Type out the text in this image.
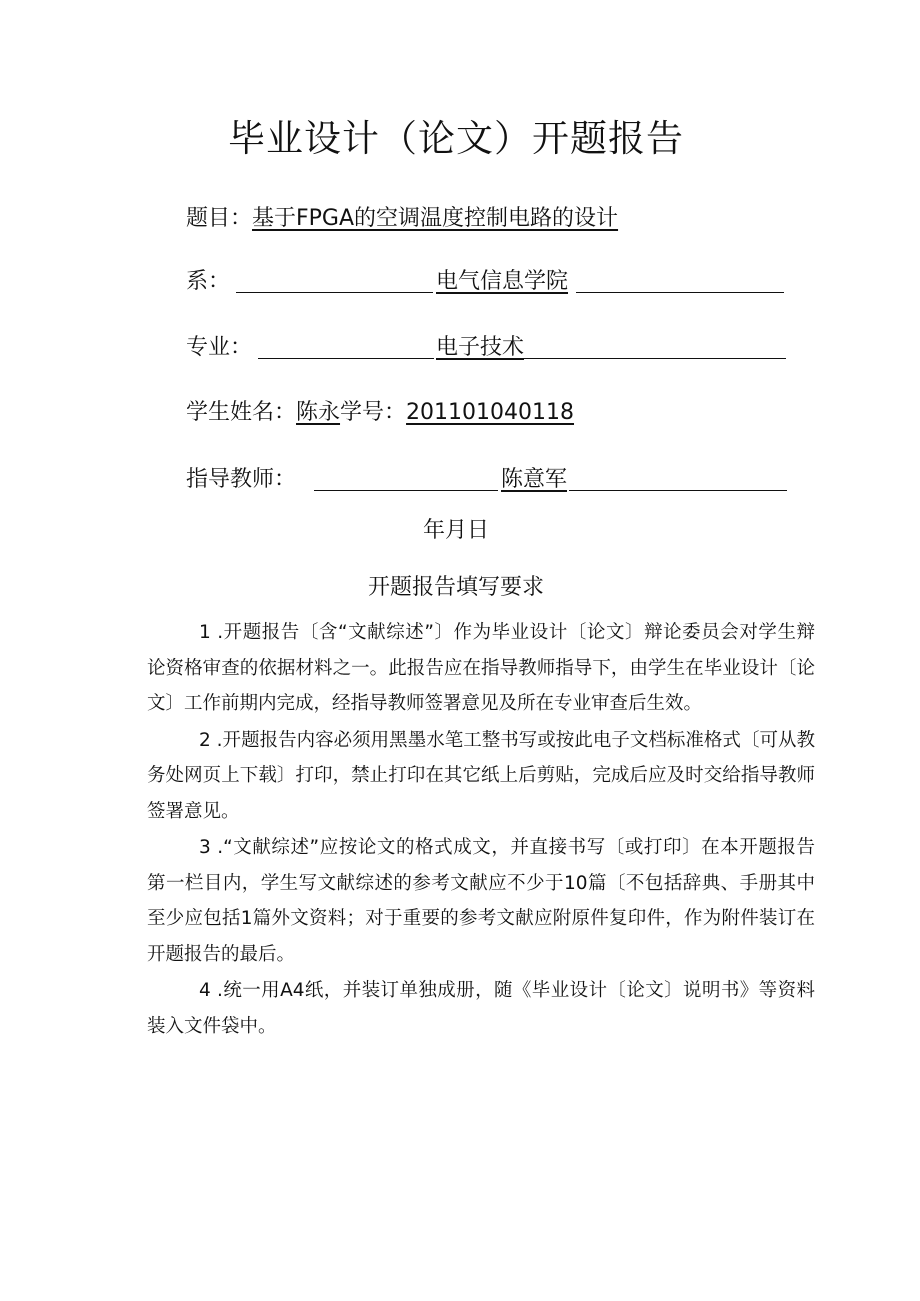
毕业设计（论文）开题报告
题目：基于FPGA的空调温度控制电路的设计
系：	电气信息学院
专业：	电子技术
学生姓名：陈永学号：201101040118
指导教师：	陈意军
年月日
开题报告填写要求

1 .开题报告〔含“文献综述”〕作为毕业设计〔论文〕辩论委员会对学生辩论资格审查的依据材料之一。此报告应在指导教师指导下，由学生在毕业设计〔论文〕工作前期内完成，经指导教师签署意见及所在专业审查后生效。

2 .开题报告内容必须用黑墨水笔工整书写或按此电子文档标准格式〔可从教务处网页上下载〕打印，禁止打印在其它纸上后剪贴，完成后应及时交给指导教师签署意见。

3 .“文献综述”应按论文的格式成文，并直接书写〔或打印〕在本开题报告第一栏目内，学生写文献综述的参考文献应不少于10篇〔不包括辞典、手册其中至少应包括1篇外文资料；对于重要的参考文献应附原件复印件，作为附件装订在开题报告的最后。

4 .统一用A4纸，并装订单独成册，随《毕业设计〔论文〕说明书》等资料装入文件袋中。
